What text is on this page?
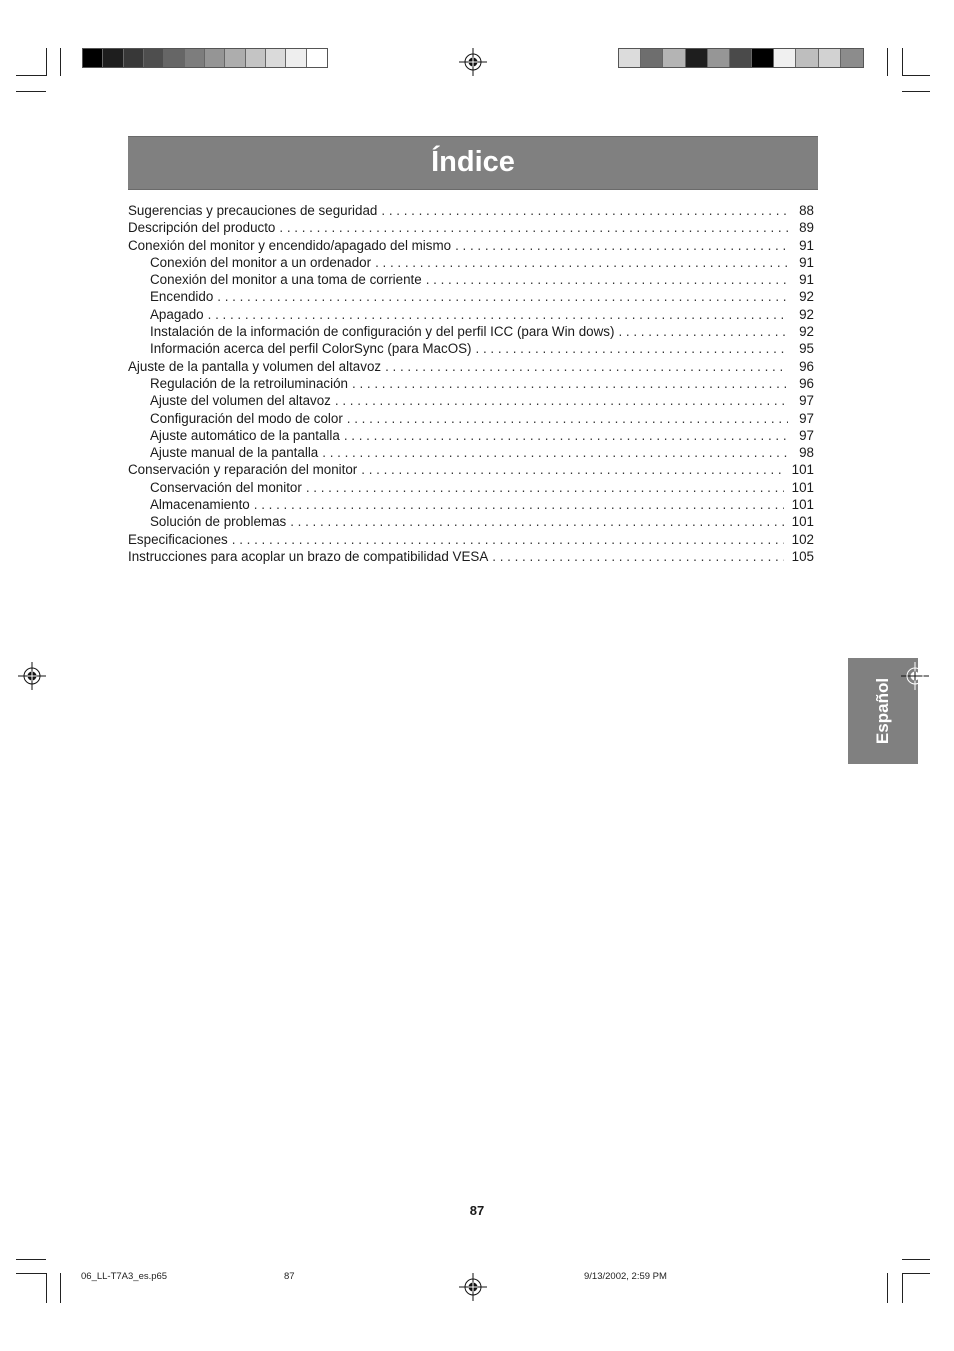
Índice
Sugerencias y precauciones de seguridad . . .	88
Descripción del producto . . .	89
Conexión del monitor y encendido/apagado del mismo . . .	91
Conexión del monitor a un ordenador . . .	91
Conexión del monitor a una toma de corriente . . .	91
Encendido . . .	92
Apagado . . .	92
Instalación de la información de configuración y del perfil ICC (para Win dows) . . .	92
Información acerca del perfil ColorSync (para MacOS) . . .	95
Ajuste de la pantalla y volumen del altavoz . . .	96
Regulación de la retroiluminación . . .	96
Ajuste del volumen del altavoz . . .	97
Configuración del modo de color . . .	97
Ajuste automático de la pantalla . . .	97
Ajuste manual de la pantalla . . .	98
Conservación y reparación del monitor . . .	101
Conservación del monitor . . .	101
Almacenamiento . . .	101
Solución de problemas . . .	101
Especificaciones . . .	102
Instrucciones para acoplar un brazo de compatibilidad VESA . . .	105
Español
87
06_LL-T7A3_es.p65	87	9/13/2002, 2:59 PM
